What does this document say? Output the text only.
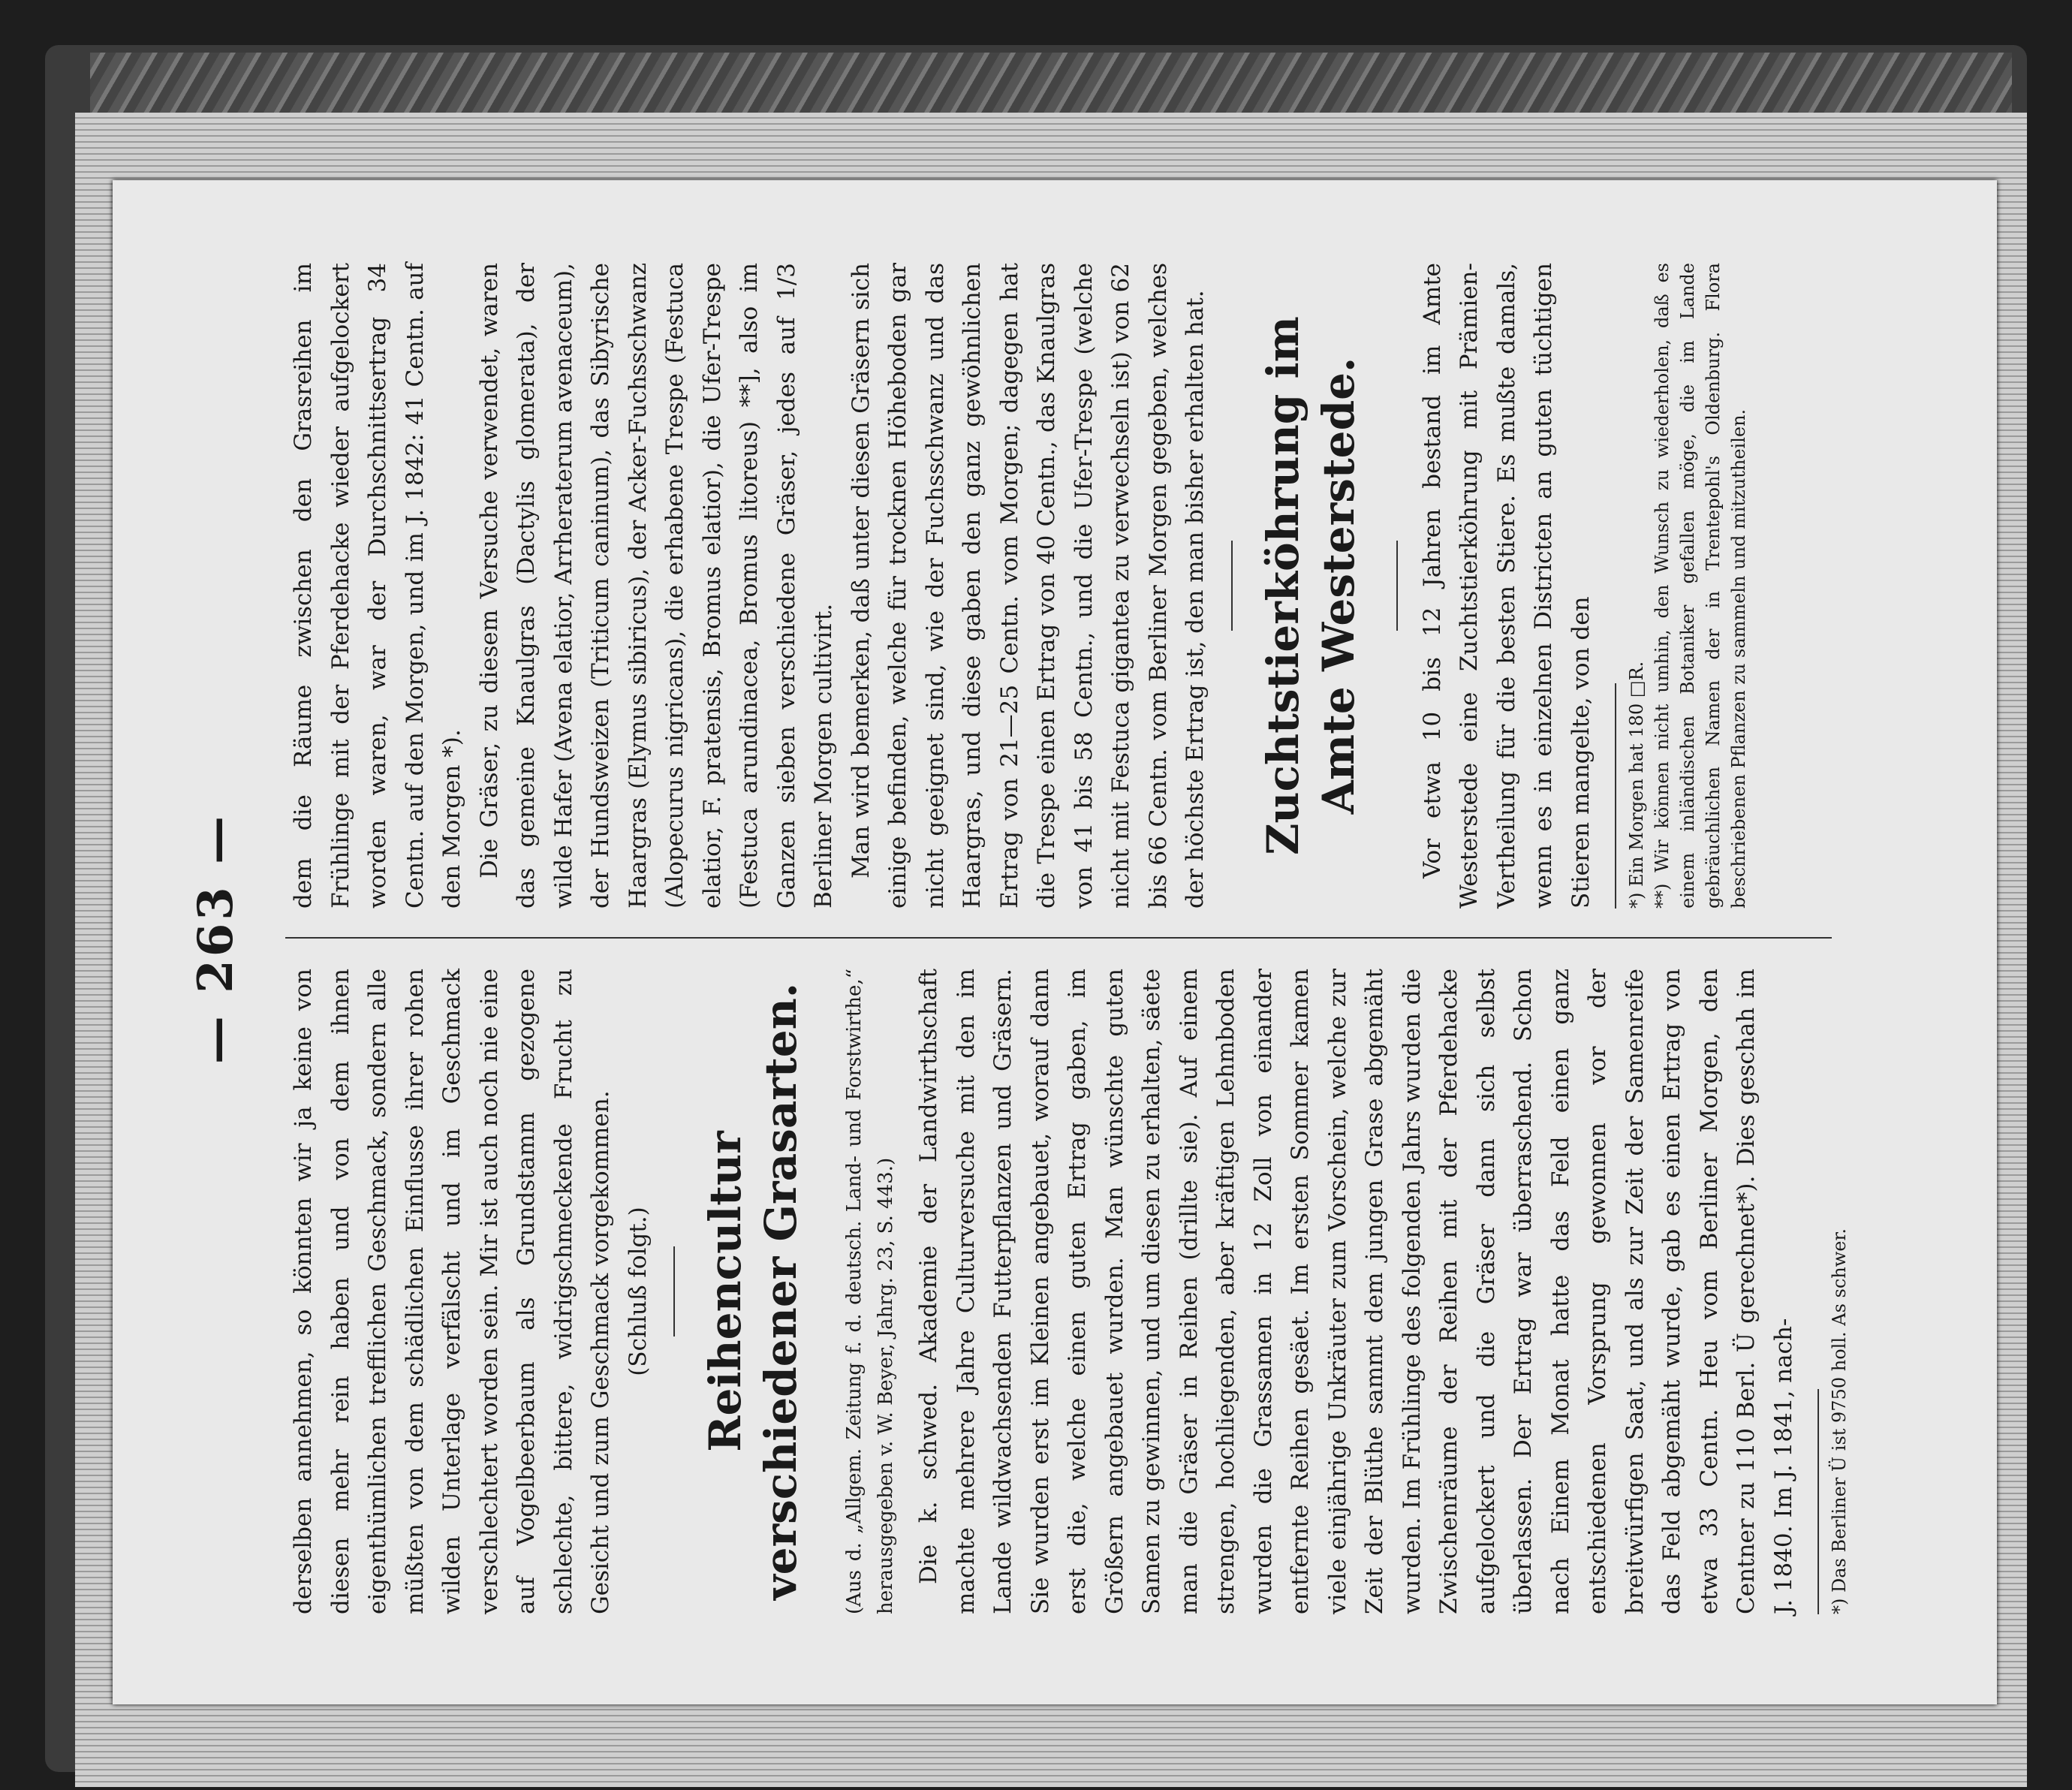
— 263 —

derselben annehmen, so könnten wir ja keine von diesen mehr rein haben und von dem ihnen eigenthümlichen trefflichen Geschmack, sondern alle müßten von dem schädlichen Einflusse ihrer rohen wilden Unterlage verfälscht und im Geschmack verschlechtert worden sein. Mir ist auch noch nie eine auf Vogelbeerbaum als Grundstamm gezogene schlechte, bittere, widrigschmeckende Frucht zu Gesicht und zum Geschmack vorgekommen. (Schluß folgt.) Reihencultur verschiedener Grasarten. (Aus d. „Allgem. Zeitung f. d. deutsch. Land- und Forstwirthe,“ herausgegeben v. W. Beyer, Jahrg. 23, S. 443.) Die k. schwed. Akademie der Landwirthschaft machte mehrere Jahre Culturversuche mit den im Lande wildwachsenden Futterpflanzen und Gräsern. Sie wurden erst im Kleinen angebauet, worauf dann erst die, welche einen guten Ertrag gaben, im Größern angebauet wurden. Man wünschte guten Samen zu gewinnen, und um diesen zu erhalten, säete man die Gräser in Reihen (drillte sie). Auf einem strengen, hochliegenden, aber kräftigen Lehmboden wurden die Grassamen in 12 Zoll von einander entfernte Reihen gesäet. Im ersten Sommer kamen viele einjährige Unkräuter zum Vorschein, welche zur Zeit der Blüthe sammt dem jungen Grase abgemäht wurden. Im Frühlinge des folgenden Jahrs wurden die Zwischenräume der Reihen mit der Pferdehacke aufgelockert und die Gräser dann sich selbst überlassen. Der Ertrag war überraschend. Schon nach Einem Monat hatte das Feld einen ganz entschiedenen Vorsprung gewonnen vor der breitwürfigen Saat, und als zur Zeit der Samenreife das Feld abgemäht wurde, gab es einen Ertrag von etwa 33 Centn. Heu vom Berliner Morgen, den Centner zu 110 Berl. Ü gerechnet*). Dies geschah im J. 1840. Im J. 1841, nach-	*) Das Berliner Ü ist 9750 holl. As schwer.

dem die Räume zwischen den Grasreihen im Frühlinge mit der Pferdehacke wieder aufgelockert worden waren, war der Durchschnittsertrag 34 Centn. auf den Morgen, und im J. 1842: 41 Centn. auf den Morgen *). Die Gräser, zu diesem Versuche verwendet, waren das gemeine Knaulgras (Dactylis glomerata), der wilde Hafer (Avena elatior, Arrheraterum avenaceum), der Hundsweizen (Triticum caninum), das Sibyrische Haargras (Elymus sibiricus), der Acker-Fuchsschwanz (Alopecurus nigricans), die erhabene Trespe (Festuca elatior, F. pratensis, Bromus elatior), die Ufer-Trespe (Festuca arundinacea, Bromus litoreus) **], also im Ganzen sieben verschiedene Gräser, jedes auf 1/3 Berliner Morgen cultivirt. Man wird bemerken, daß unter diesen Gräsern sich einige befinden, welche für trocknen Höheboden gar nicht geeignet sind, wie der Fuchsschwanz und das Haargras, und diese gaben den ganz gewöhnlichen Ertrag von 21—25 Centn. vom Morgen; dagegen hat die Trespe einen Ertrag von 40 Centn., das Knaulgras von 41 bis 58 Centn., und die Ufer-Trespe (welche nicht mit Festuca gigantea zu verwechseln ist) von 62 bis 66 Centn. vom Berliner Morgen gegeben, welches der höchste Ertrag ist, den man bisher erhalten hat. Zuchtstierköhrung im Amte Westerstede. Vor etwa 10 bis 12 Jahren bestand im Amte Westerstede eine Zuchtstierköhrung mit Prämien-Vertheilung für die besten Stiere. Es mußte damals, wenn es in einzelnen Districten an guten tüchtigen Stieren mangelte, von den	*) Ein Morgen hat 180 □R. **) Wir können nicht umhin, den Wunsch zu wiederholen, daß es einem inländischen Botaniker gefallen möge, die im Lande gebräuchlichen Namen der in Trentepohl's Oldenburg. Flora beschriebenen Pflanzen zu sammeln und mitzutheilen.
